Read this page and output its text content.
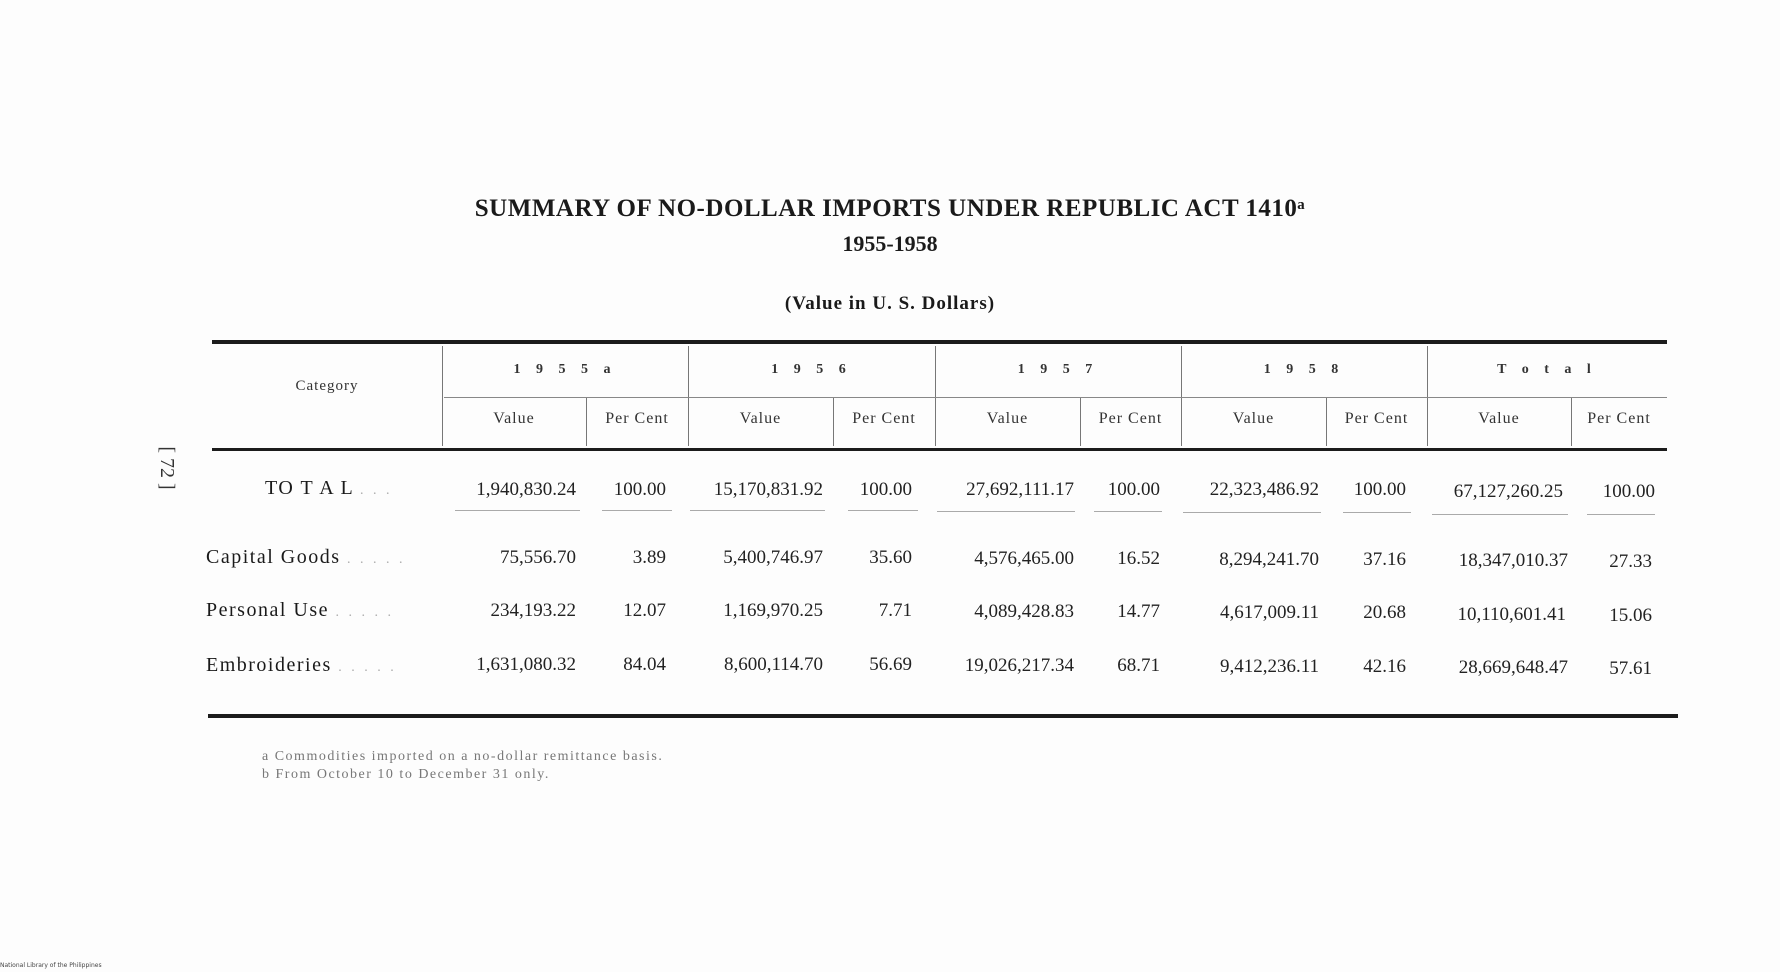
SUMMARY OF NO-DOLLAR IMPORTS UNDER REPUBLIC ACT 1410ᵃ
1955-1958
(Value in U. S. Dollars)
[ 72 ]
Category
1 9 5 5 a	1 9 5 6	1 9 5 7	1 9 5 8	T o t a l
Value	Per Cent	Value	Per Cent	Value	Per Cent	Value	Per Cent	Value	Per Cent
TO T A L . . .	1,940,830.24 100.00	15,170,831.92 100.00	27,692,111.17 100.00	22,323,486.92 100.00	67,127,260.25 100.00
Capital Goods . . . . .	75,556.70	3.89	5,400,746.97 35.60	4,576,465.00 16.52	8,294,241.70 37.16	18,347,010.37 27.33
Personal Use . . . . .	234,193.22 12.07	1,169,970.25	7.71	4,089,428.83 14.77	4,617,009.11 20.68	10,110,601.41 15.06
Embroideries . . . . .	1,631,080.32 84.04	8,600,114.70 56.69	19,026,217.34 68.71	9,412,236.11 42.16	28,669,648.47 57.61
a Commodities imported on a no-dollar remittance basis.
b From October 10 to December 31 only.
National Library of the Philippines
